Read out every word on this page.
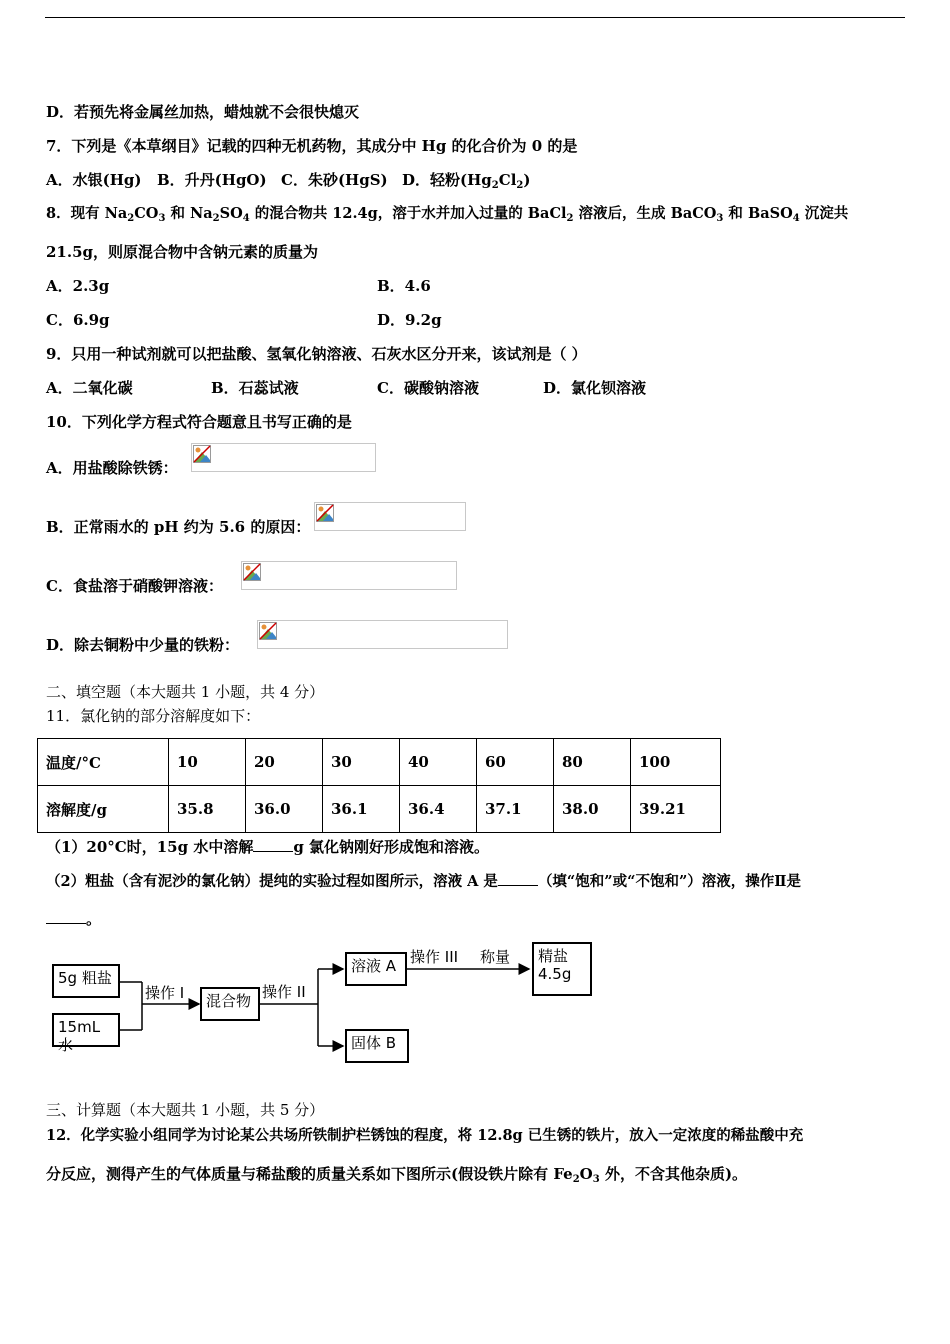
D．若预先将金属丝加热，蜡烛就不会很快熄灭
7．下列是《本草纲目》记载的四种无机药物，其成分中 Hg 的化合价为 0 的是
A．水银(Hg) B．升丹(HgO) C．朱砂(HgS) D．轻粉$(Hg_2Cl_2)$
8．现有 $Na_2CO_3$ 和 $Na_2SO_4$ 的混合物共 12.4g，溶于水并加入过量的 BaCl$_2$ 溶液后，生成 BaCO$_3$ 和 BaSO$_4$ 沉淀共
21.5g，则原混合物中含钠元素的质量为
A．2.3g	B．4.6
C．6.9g	D．9.2g
9．只用一种试剂就可以把盐酸、氢氧化钠溶液、石灰水区分开来，该试剂是（ ）
A．二氧化碳	B．石蕊试液	C．碳酸钠溶液	D．氯化钡溶液
10．下列化学方程式符合题意且书写正确的是
A．用盐酸除铁锈：
B．正常雨水的 pH 约为 5.6 的原因：
C．食盐溶于硝酸钾溶液：
D．除去铜粉中少量的铁粉：
二、填空题（本大题共 1 小题，共 4 分）
11．氯化钠的部分溶解度如下：
温度/°C	10	20	30	40	60	80	100
溶解度/g	35.8	36.0	36.1	36.4	37.1	38.0	39.21
（1）20°C时，15g 水中溶解	g 氯化钠刚好形成饱和溶液。
（2）粗盐（含有泥沙的氯化钠）提纯的实验过程如图所示，溶液 A 是	（填“饱和”或“不饱和”）溶液，操作Ⅱ是
。
5g 粗盐
15mL 水
操作 I	混合物 操作 II
溶液 A 操作 III 称量 精盐
4.5g
固体 B
三、计算题（本大题共 1 小题，共 5 分）
12．化学实验小组同学为讨论某公共场所铁制护栏锈蚀的程度，将 12.8g 已生锈的铁片，放入一定浓度的稀盐酸中充
分反应，测得产生的气体质量与稀盐酸的质量关系如下图所示(假设铁片除有 $Fe_2O_3$ 外，不含其他杂质)。
